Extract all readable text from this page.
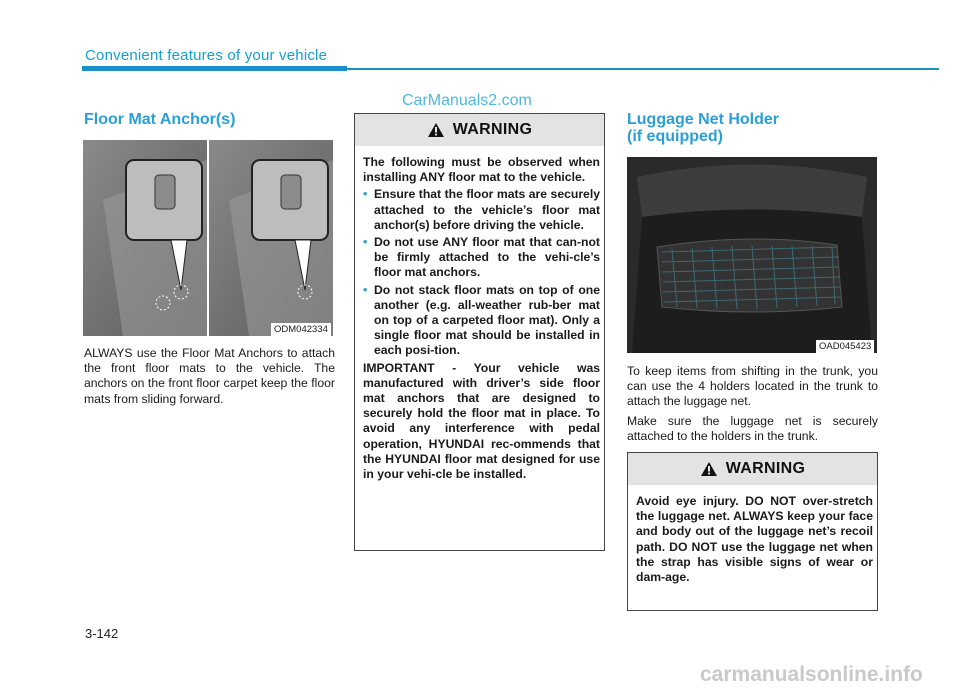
Convenient features of your vehicle
CarManuals2.com
Floor Mat Anchor(s)
ODM042334
ALWAYS use the Floor Mat Anchors to attach the front floor mats to the vehicle. The anchors on the front floor carpet keep the floor mats from sliding forward.
WARNING

The following must be observed when installing ANY floor mat to the vehicle.

• Ensure that the floor mats are securely attached to the vehicle’s floor mat anchor(s) before driving the vehicle.
• Do not use ANY floor mat that can-not be firmly attached to the vehi-cle’s floor mat anchors.
• Do not stack floor mats on top of one another (e.g. all-weather rub-ber mat on top of a carpeted floor mat). Only a single floor mat should be installed in each posi-tion.

IMPORTANT - Your vehicle was manufactured with driver’s side floor mat anchors that are designed to securely hold the floor mat in place. To avoid any interference with pedal operation, HYUNDAI rec-ommends that the HYUNDAI floor mat designed for use in your vehi-cle be installed.

Luggage Net Holder
(if equipped)
OAD045423

To keep items from shifting in the trunk, you can use the 4 holders located in the trunk to attach the luggage net.

Make sure the luggage net is securely attached to the holders in the trunk.

WARNING

Avoid eye injury. DO NOT over-stretch the luggage net. ALWAYS keep your face and body out of the luggage net’s recoil path. DO NOT use the luggage net when the strap has visible signs of wear or dam-age.

3-142
carmanualsonline.info
